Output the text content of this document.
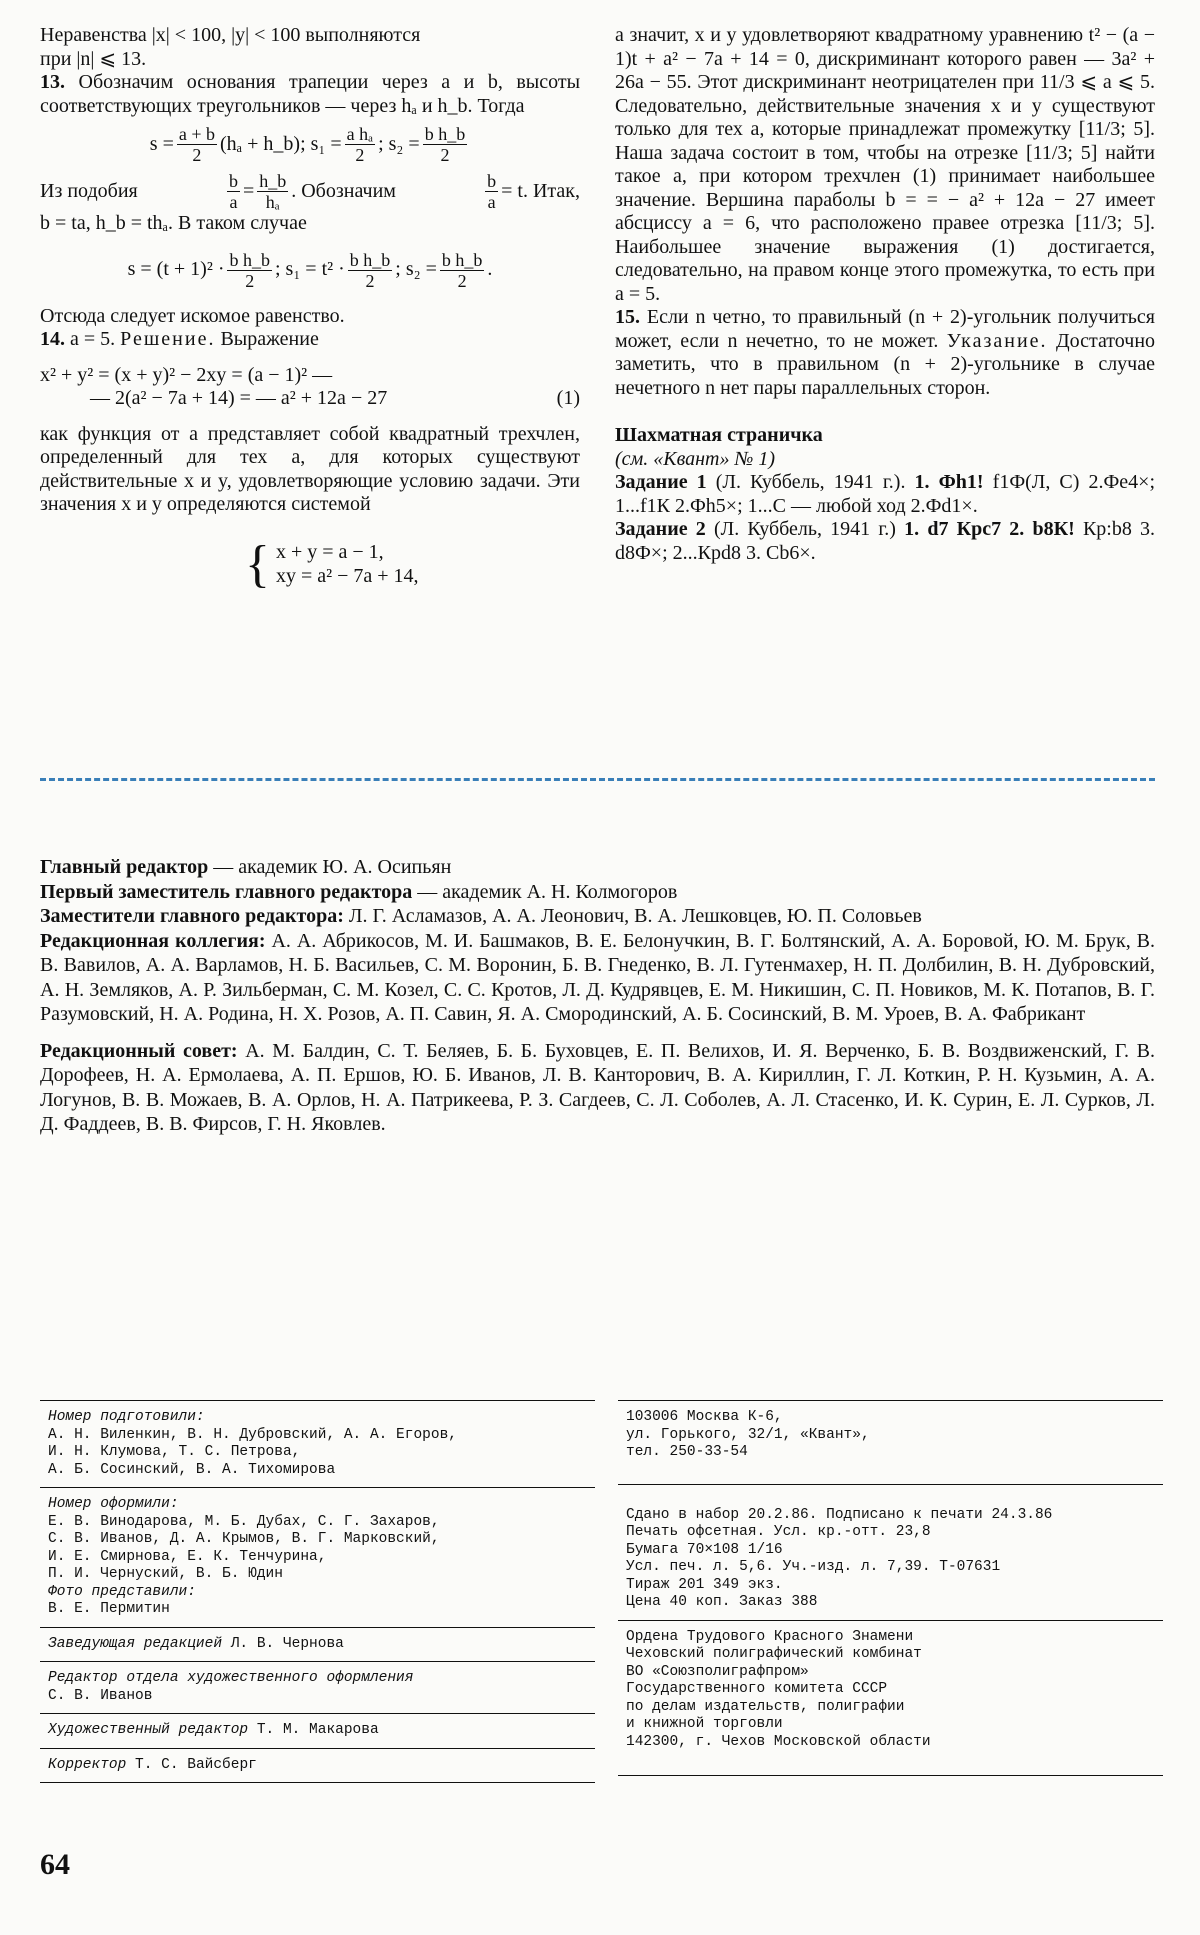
Неравенства |x| < 100, |y| < 100 выполняются

при |n| ⩽ 13.

13. Обозначим основания трапеции через a и b, высоты соответствующих треугольников — через hₐ и h_b. Тогда

$s = \frac{a + b}{2} (h_a$ + h_b);
$s_1 = \frac{\text{a hₐ}}{2}$ ; $s_2 = \frac{\text{b h\_b}}{2}$

Из подобия	$\frac{b}{a} = \frac{h\_b}{\text{hₐ}}$ . Обозначим	$\frac{b}{a} = t$. Итак,

b = ta, h_b = thₐ. В таком случае

$s = (t + 1)^2 \cdot \frac{\text{b h\_b}}{2}$ ; $s_1 = t^2 \cdot \frac{\text{b h\_b}}{2}$ ; $s_2 = \frac{\text{b h\_b}}{2}$ .

Отсюда следует искомое равенство.

14. a = 5. Решение. Выражение

x² + y² = (x + y)² − 2xy = (a − 1)² —
— 2(a² − 7a + 14) = — a² + 12a − 27	(1)

как функция от a представляет собой квадратный трехчлен, определенный для тех a, для которых существуют действительные x и y, удовлетворяющие условию задачи. Эти значения x и y определяются системой

{ x + y = a − 1,
xy = a² − 7a + 14,

а значит, x и y удовлетворяют квадратному уравнению t² − (a − 1)t + a² − 7a + 14 = 0, дискриминант которого равен — 3a² + 26a − 55. Этот дискриминант неотрицателен при 11/3 ⩽ a ⩽ 5. Следовательно, действительные значения x и y существуют только для тех a, которые принадлежат промежутку [11/3; 5]. Наша задача состоит в том, чтобы на отрезке [11/3; 5] найти такое a, при котором трехчлен (1) принимает наибольшее значение. Вершина параболы b = = − a² + 12a − 27 имеет абсциссу a = 6, что расположено правее отрезка [11/3; 5]. Наибольшее значение выражения (1) достигается, следовательно, на правом конце этого промежутка, то есть при a = 5.

15. Если n четно, то правильный (n + 2)-угольник получиться может, если n нечетно, то не может. Указание. Достаточно заметить, что в правильном (n + 2)-угольнике в случае нечетного n нет пары параллельных сторон.

Шахматная страничка

(см. «Квант» № 1)

Задание 1 (Л. Куббель, 1941 г.). 1. Фh1! f1Ф(Л, С) 2.Фе4×; 1...f1К 2.Фh5×; 1...С — любой ход 2.Фd1×.

Задание 2 (Л. Куббель, 1941 г.) 1. d7 Крс7 2. b8К! Кр:b8 3. d8Ф×; 2...Крd8 3. Сb6×.

Главный редактор — академик Ю. А. Осипьян

Первый заместитель главного редактора — академик А. Н. Колмогоров

Заместители главного редактора: Л. Г. Асламазов, А. А. Леонович, В. А. Лешковцев, Ю. П. Соловьев

Редакционная коллегия: А. А. Абрикосов, М. И. Башмаков, В. Е. Белонучкин, В. Г. Болтянский, А. А. Боровой, Ю. М. Брук, В. В. Вавилов, А. А. Варламов, Н. Б. Васильев, С. М. Воронин, Б. В. Гнеденко, В. Л. Гутенмахер, Н. П. Долбилин, В. Н. Дубровский, А. Н. Земляков, А. Р. Зильберман, С. М. Козел, С. С. Кротов, Л. Д. Кудрявцев, Е. М. Никишин, С. П. Новиков, М. К. Потапов, В. Г. Разумовский, Н. А. Родина, Н. Х. Розов, А. П. Савин, Я. А. Смородинский, А. Б. Сосинский, В. М. Уроев, В. А. Фабрикант

Редакционный совет: А. М. Балдин, С. Т. Беляев, Б. Б. Буховцев, Е. П. Велихов, И. Я. Верченко, Б. В. Воздвиженский, Г. В. Дорофеев, Н. А. Ермолаева, А. П. Ершов, Ю. Б. Иванов, Л. В. Канторович, В. А. Кириллин, Г. Л. Коткин, Р. Н. Кузьмин, А. А. Логунов, В. В. Можаев, В. А. Орлов, Н. А. Патрикеева, Р. З. Сагдеев, С. Л. Соболев, А. Л. Стасенко, И. К. Сурин, Е. Л. Сурков, Л. Д. Фаддеев, В. В. Фирсов, Г. Н. Яковлев.

Номер подготовили:
А. Н. Виленкин, В. Н. Дубровский, А. А. Егоров,
И. Н. Клумова, Т. С. Петрова,
А. Б. Сосинский, В. А. Тихомирова
Номер оформили:
Е. В. Винодарова, М. Б. Дубах, С. Г. Захаров,
С. В. Иванов, Д. А. Крымов, В. Г. Марковский,
И. Е. Смирнова, Е. К. Тенчурина,
П. И. Чернуский, В. Б. Юдин
Фото представили:
В. Е. Пермитин
Заведующая редакцией Л. В. Чернова
Редактор отдела художественного оформления
С. В. Иванов
Художественный редактор Т. М. Макарова
Корректор Т. С. Вайсберг
103006 Москва К-6,
ул. Горького, 32/1, «Квант»,
тел. 250-33-54
Сдано в набор 20.2.86. Подписано к печати 24.3.86
Печать офсетная. Усл. кр.-отт. 23,8
Бумага 70×108 1/16
Усл. печ. л. 5,6. Уч.-изд. л. 7,39. Т-07631
Тираж 201 349 экз.
Цена 40 коп. Заказ 388
Ордена Трудового Красного Знамени
Чеховский полиграфический комбинат
ВО «Союзполиграфпром»
Государственного комитета СССР
по делам издательств, полиграфии
и книжной торговли
142300, г. Чехов Московской области
64
